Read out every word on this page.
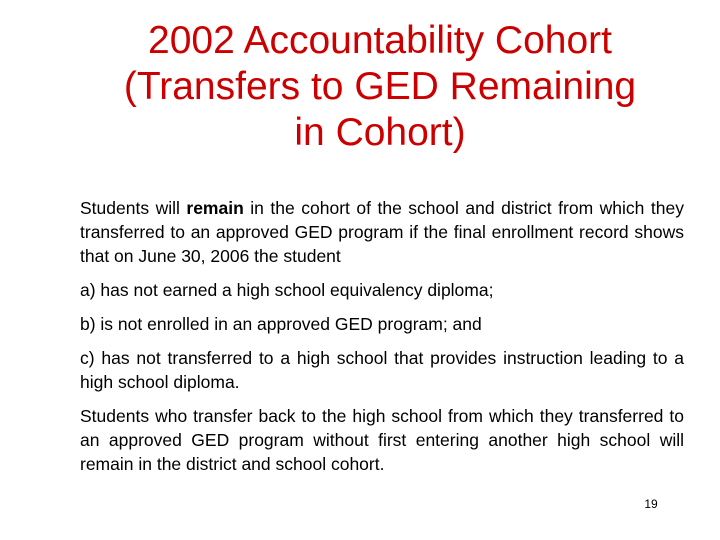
2002 Accountability Cohort
(Transfers to GED Remaining
in Cohort)

Students will remain in the cohort of the school and district from which they transferred to an approved GED program if the final enrollment record shows that on June 30, 2006 the student

a) has not earned a high school equivalency diploma;

b) is not enrolled in an approved GED program; and

c) has not transferred to a high school that provides instruction leading to a high school diploma.

Students who transfer back to the high school from which they transferred to an approved GED program without first entering another high school will remain in the district and school cohort.

19
